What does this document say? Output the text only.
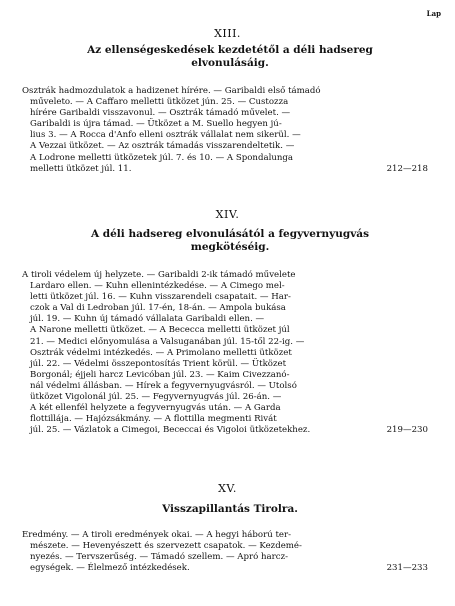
Lap
XIII.
Az ellenségeskedések kezdetétől a déli hadsereg
elvonulásáig.
Osztrák hadmozdulatok a hadizenet hírére. — Garibaldi első támadó
műveleto. — A Caffaro melletti ütközet jún. 25. — Custozza
hírére Garibaldi visszavonul. — Osztrák támadó művelet. —
Garibaldi is újra támad. — Ütközet a M. Suello hegyen jú-
lius 3. — A Rocca d'Anfo elleni osztrák vállalat nem sikerül. —
A Vezzai ütközet. — Az osztrák támadás visszarendeltetik. —
A Lodrone melletti ütközetek júl. 7. és 10. — A Spondalunga
melletti ütközet júl. 11.	212—218
XIV.
A déli hadsereg elvonulásától a fegyvernyugvás
megkötéséig.
A tiroli védelem új helyzete. — Garibaldi 2-ik támadó művelete
Lardaro ellen. — Kuhn ellenintézkedése. — A Cimego mel-
letti ütközet júl. 16. — Kuhn visszarendeli csapatait. — Har-
czok a Val di Ledroban júl. 17-én, 18-án. — Ampola bukása
júl. 19. — Kuhn új támadó vállalata Garibaldi ellen. —
A Narone melletti ütközet. — A Bececca melletti ütközet júl
21. — Medici előnyomulása a Valsuganában júl. 15-től 22-ig. —
Osztrák védelmi intézkedés. — A Primolano melletti ütközet
júl. 22. — Védelmi összepontosítás Trient körül. — Ütközet
Borgonál; éjjeli harcz Levicóban júl. 23. — Kaim Civezzanó-
nál védelmi állásban. — Hírek a fegyvernyugvásról. — Utolsó
ütközet Vigolonál júl. 25. — Fegyvernyugvás júl. 26-án. —
A két ellenfél helyzete a fegyvernyugvás után. — A Garda
flottillája. — Hajózsákmány. — A flottilla megmenti Rivát
júl. 25. — Vázlatok a Cimegoi, Bececcai és Vigoloi ütközetekhez.	219—230
XV.
Visszapillantás Tirolra.
Eredmény. — A tiroli eredmények okai. — A hegyi háború ter-
mészete. — Hevenyészett és szervezett csapatok. — Kezdemé-
nyezés. — Tervszerűség. — Támadó szellem. — Apró harcz-
egységek. — Élelmező intézkedések.	231—233
